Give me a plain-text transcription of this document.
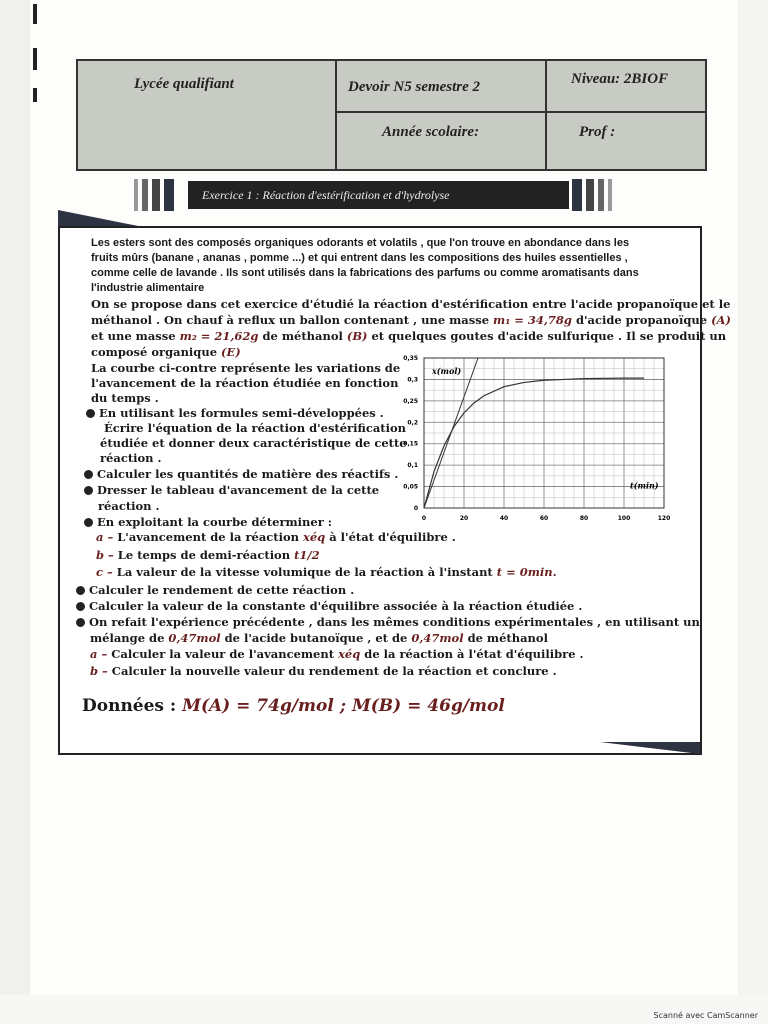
Lycée qualifiant	Devoir N5 semestre 2	Niveau: 2BIOF
Année scolaire:	Prof :
Exercice 1 : Réaction d'estérification et d'hydrolyse
Les esters sont des composés organiques odorants et volatils , que l'on trouve en abondance dans les
fruits mûrs (banane , ananas , pomme ...) et qui entrent dans les compositions des huiles essentielles ,
comme celle de lavande . Ils sont utilisés dans la fabrications des parfums ou comme aromatisants dans
l'industrie alimentaire
On se propose dans cet exercice d'étudié la réaction d'estérification entre l'acide propanoïque et le
méthanol . On chauf à reflux un ballon contenant , une masse m₁ = 34,78g d'acide propanoïque (A)
et une masse m₂ = 21,62g de méthanol (B) et quelques goutes d'acide sulfurique . Il se produit un
composé organique (E)
La courbe ci-contre représente les variations de
l'avancement de la réaction étudiée en fonction
du temps .
En utilisant les formules semi-développées .
Écrire l'équation de la réaction d'estérification
étudiée et donner deux caractéristique de cette
réaction .
Calculer les quantités de matière des réactifs .
Dresser le tableau d'avancement de la cette
réaction .
En exploitant la courbe déterminer :
a – L'avancement de la réaction xéq à l'état d'équilibre .
b – Le temps de demi-réaction t1/2
c – La valeur de la vitesse volumique de la réaction à l'instant t = 0min.
Calculer le rendement de cette réaction .
Calculer la valeur de la constante d'équilibre associée à la réaction étudiée .
On refait l'expérience précédente , dans les mêmes conditions expérimentales , en utilisant un
mélange de 0,47mol de l'acide butanoïque , et de 0,47mol de méthanol
a – Calculer la valeur de l'avancement xéq de la réaction à l'état d'équilibre .
b – Calculer la nouvelle valeur du rendement de la réaction et conclure .
Données : M(A) = 74g/mol ; M(B) = 46g/mol
0	20	40	60	80	100	120
0
0,05
0,1
0,15
0,2
0,25
0,3
0,35
x(mol)
t(min)
Scanné avec CamScanner
